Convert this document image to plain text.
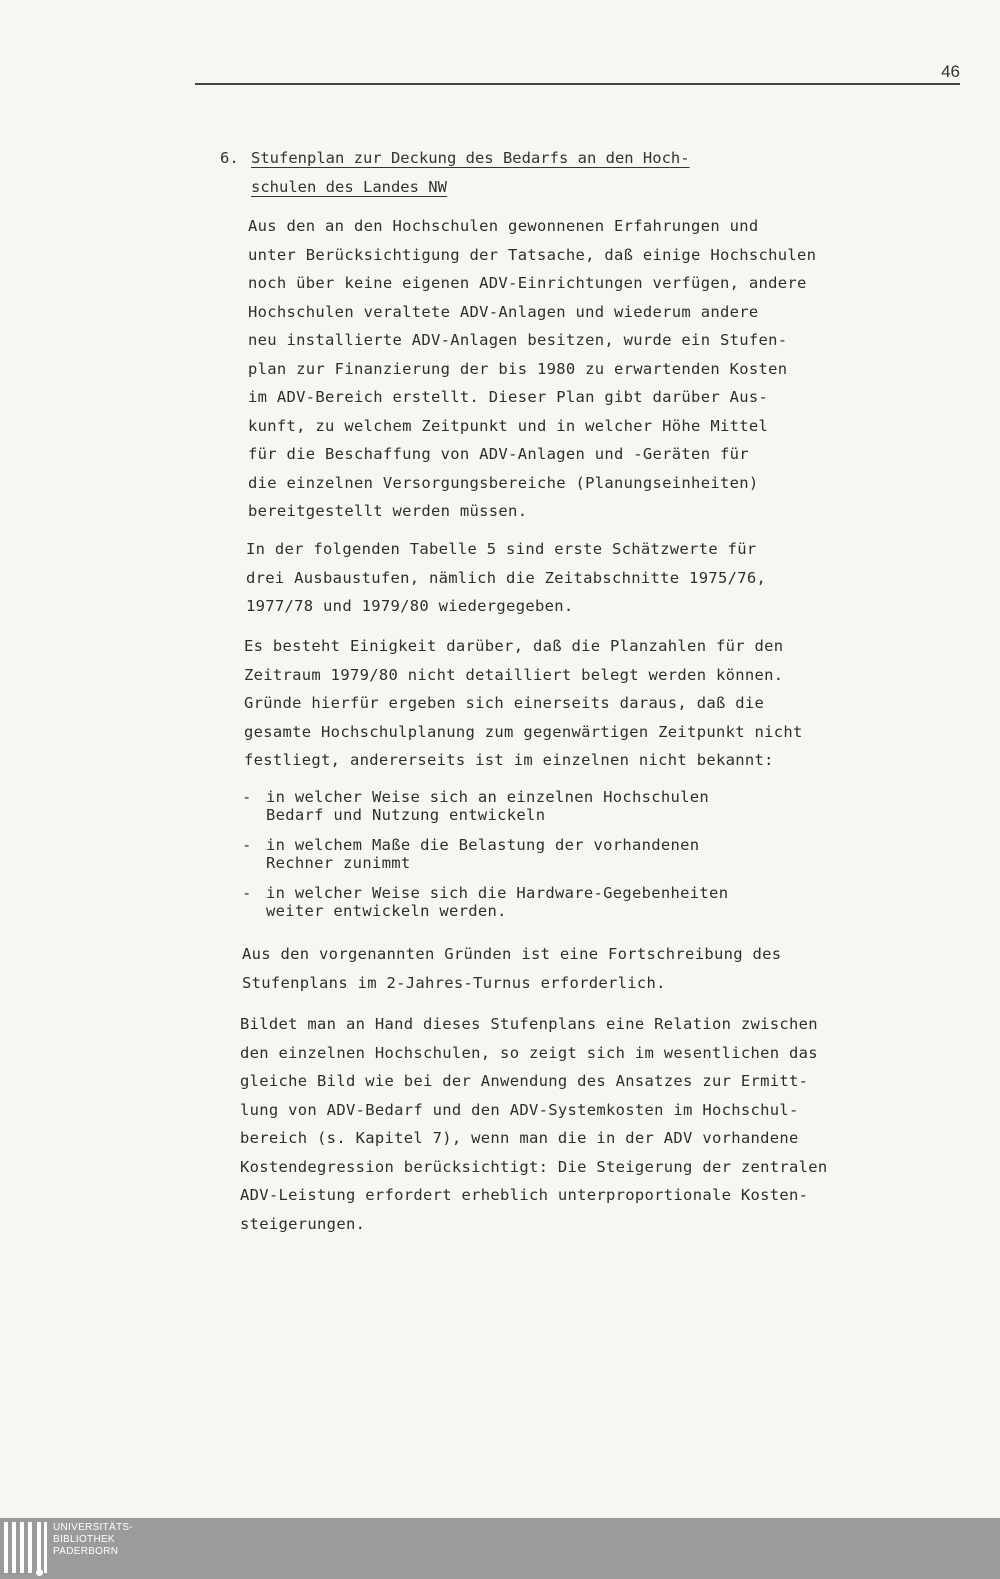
46
6. Stufenplan zur Deckung des Bedarfs an den Hoch-
schulen des Landes NW
Aus den an den Hochschulen gewonnenen Erfahrungen und
unter Berücksichtigung der Tatsache, daß einige Hochschulen
noch über keine eigenen ADV-Einrichtungen verfügen, andere
Hochschulen veraltete ADV-Anlagen und wiederum andere
neu installierte ADV-Anlagen besitzen, wurde ein Stufen-
plan zur Finanzierung der bis 1980 zu erwartenden Kosten
im ADV-Bereich erstellt. Dieser Plan gibt darüber Aus-
kunft, zu welchem Zeitpunkt und in welcher Höhe Mittel
für die Beschaffung von ADV-Anlagen und -Geräten für
die einzelnen Versorgungsbereiche (Planungseinheiten)
bereitgestellt werden müssen.
In der folgenden Tabelle 5 sind erste Schätzwerte für
drei Ausbaustufen, nämlich die Zeitabschnitte 1975/76,
1977/78 und 1979/80 wiedergegeben.
Es besteht Einigkeit darüber, daß die Planzahlen für den
Zeitraum 1979/80 nicht detailliert belegt werden können.
Gründe hierfür ergeben sich einerseits daraus, daß die
gesamte Hochschulplanung zum gegenwärtigen Zeitpunkt nicht
festliegt, andererseits ist im einzelnen nicht bekannt:
- in welcher Weise sich an einzelnen Hochschulen
Bedarf und Nutzung entwickeln
- in welchem Maße die Belastung der vorhandenen
Rechner zunimmt
- in welcher Weise sich die Hardware-Gegebenheiten
weiter entwickeln werden.
Aus den vorgenannten Gründen ist eine Fortschreibung des
Stufenplans im 2-Jahres-Turnus erforderlich.
Bildet man an Hand dieses Stufenplans eine Relation zwischen
den einzelnen Hochschulen, so zeigt sich im wesentlichen das
gleiche Bild wie bei der Anwendung des Ansatzes zur Ermitt-
lung von ADV-Bedarf und den ADV-Systemkosten im Hochschul-
bereich (s. Kapitel 7), wenn man die in der ADV vorhandene
Kostendegression berücksichtigt: Die Steigerung der zentralen
ADV-Leistung erfordert erheblich unterproportionale Kosten-
steigerungen.
UNIVERSITÄTS-
BIBLIOTHEK
PADERBORN
